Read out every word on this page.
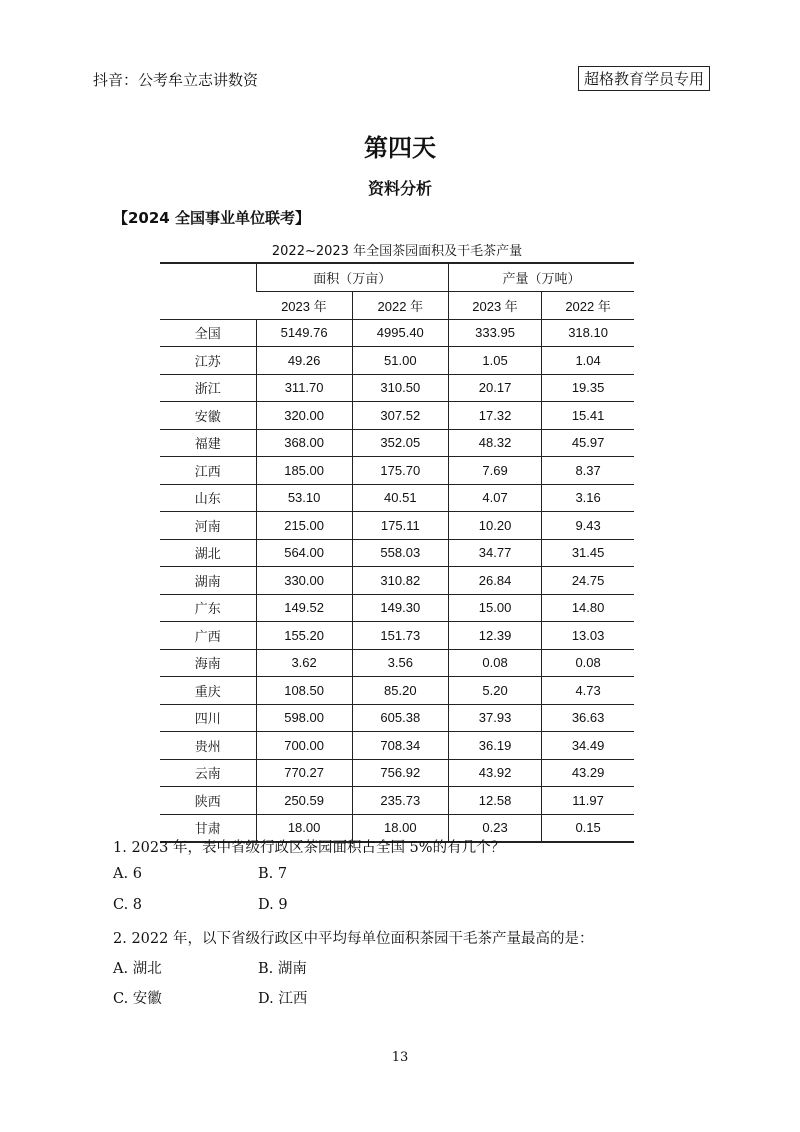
抖音：公考牟立志讲数资	超格教育学员专用
第四天
资料分析
【2024 全国事业单位联考】
2022~2023 年全国茶园面积及干毛茶产量
	面积（万亩）		产量（万吨）	
	2023 年	2022 年	2023 年	2022 年
全国	5149.76	4995.40	333.95	318.10
江苏	49.26	51.00	1.05	1.04
浙江	311.70	310.50	20.17	19.35
安徽	320.00	307.52	17.32	15.41
福建	368.00	352.05	48.32	45.97
江西	185.00	175.70	7.69	8.37
山东	53.10	40.51	4.07	3.16
河南	215.00	175.11	10.20	9.43
湖北	564.00	558.03	34.77	31.45
湖南	330.00	310.82	26.84	24.75
广东	149.52	149.30	15.00	14.80
广西	155.20	151.73	12.39	13.03
海南	3.62	3.56	0.08	0.08
重庆	108.50	85.20	5.20	4.73
四川	598.00	605.38	37.93	36.63
贵州	700.00	708.34	36.19	34.49
云南	770.27	756.92	43.92	43.29
陕西	250.59	235.73	12.58	11.97
甘肃	18.00	18.00	0.23	0.15
1. 2023 年，表中省级行政区茶园面积占全国 5%的有几个？
A. 6	B. 7
C. 8	D. 9
2. 2022 年，以下省级行政区中平均每单位面积茶园干毛茶产量最高的是：
A. 湖北	B. 湖南
C. 安徽	D. 江西
13
